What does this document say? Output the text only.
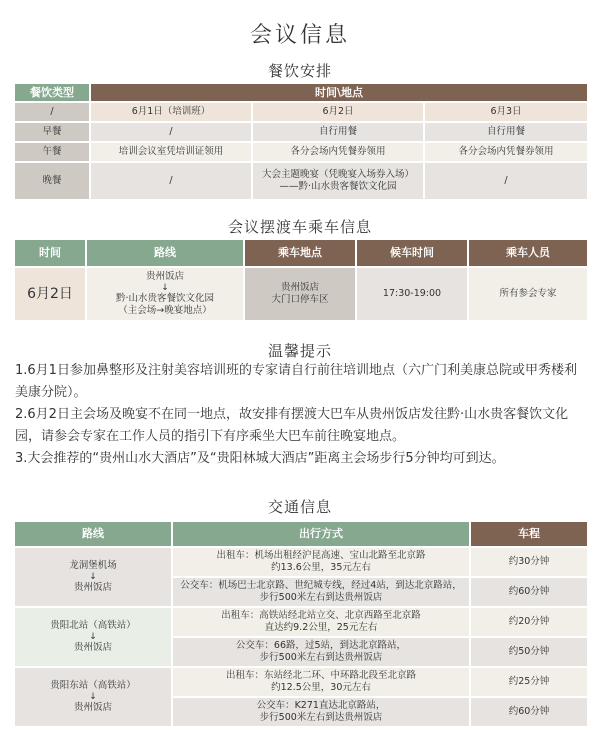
会议信息
餐饮安排
餐饮类型	时间\地点		
/	6月1日（培训班）	6月2日	6月3日
早餐	/	自行用餐	自行用餐
午餐	培训会议室凭培训证领用	各分会场内凭餐券领用	各分会场内凭餐券领用
晚餐	/	大会主题晚宴（凭晚宴入场券入场）
——黔·山水贵客餐饮文化园	/
会议摆渡车乘车信息
时间	路线	乘车地点	候车时间	乘车人员
6月2日	贵州饭店
↓
黔·山水贵客餐饮文化园
（主会场→晚宴地点）	贵州饭店
大门口停车区	17:30-19:00	所有参会专家
温馨提示
1.6月1日参加鼻整形及注射美容培训班的专家请自行前往培训地点（六广门利美康总院或甲秀楼利美康分院）。
2.6月2日主会场及晚宴不在同一地点，故安排有摆渡大巴车从贵州饭店发往黔·山水贵客餐饮文化园，请参会专家在工作人员的指引下有序乘坐大巴车前往晚宴地点。
3.大会推荐的“贵州山水大酒店”及“贵阳林城大酒店”距离主会场步行5分钟均可到达。
交通信息
路线	出行方式	车程

龙洞堡机场
↓
贵州饭店	出租车：机场出租经沪昆高速、宝山北路至北京路
约13.6公里，35元左右	约30分钟

	公交车：机场巴士北京路、世纪城专线，经过4站，到达北京路站，
步行500米左右到达贵州饭店	约60分钟

贵阳北站（高铁站）
↓
贵州饭店	出租车：高铁站经北站立交、北京西路至北京路
直达约9.2公里，25元左右	约20分钟

	公交车：66路，过5站，到达北京路站，
步行500米左右到达贵州饭店	约50分钟

贵阳东站（高铁站）
↓
贵州饭店	出租车：东站经北二环、中环路北段至北京路
约12.5公里，30元左右	约25分钟

	公交车：K271直达北京路站，
步行500米左右到达贵州饭店	约60分钟
